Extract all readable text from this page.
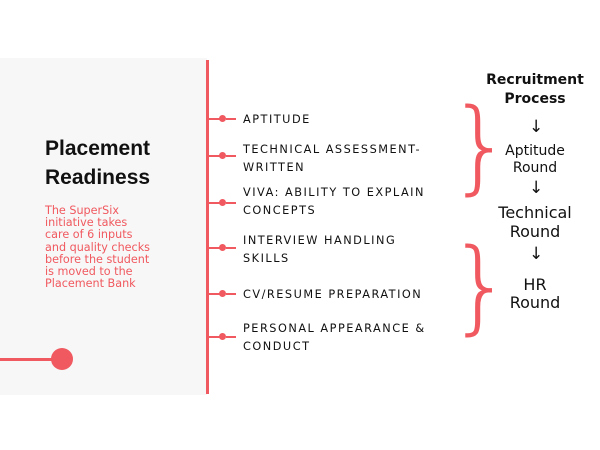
Placement
Readiness

The SuperSix
initiative takes
care of 6 inputs
and quality checks
before the student
is moved to the
Placement Bank

APTITUDE

TECHNICAL ASSESSMENT-
WRITTEN

VIVA: ABILITY TO EXPLAIN
CONCEPTS

INTERVIEW HANDLING
SKILLS

CV/RESUME PREPARATION

PERSONAL APPEARANCE &
CONDUCT

}
}

Recruitment
Process

↓

Aptitude
Round

↓

Technical
Round

↓

HR
Round
